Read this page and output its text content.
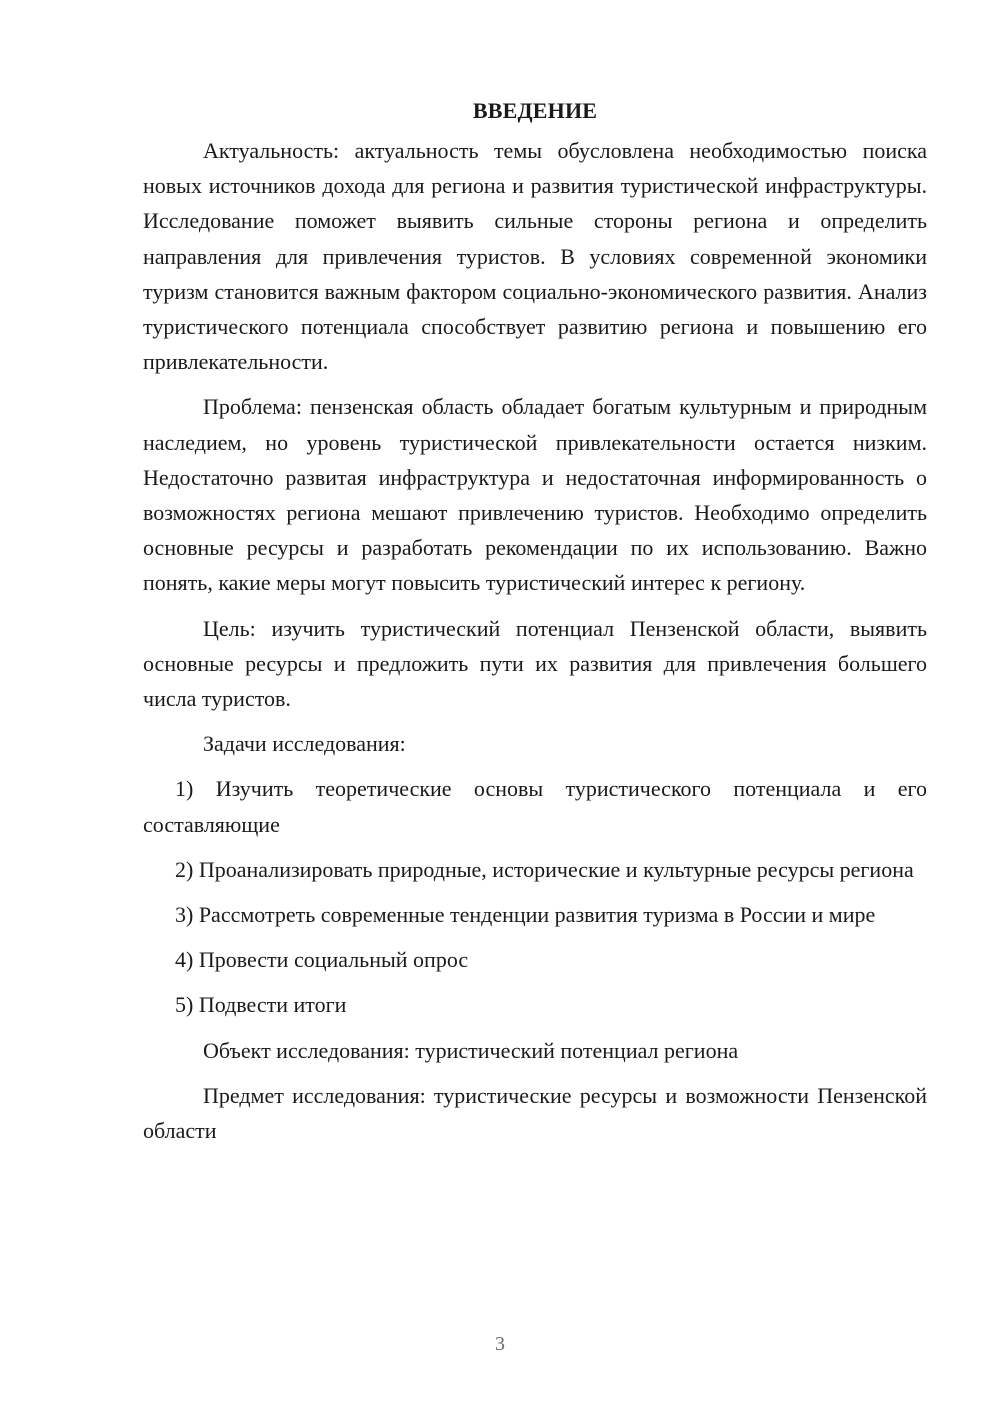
ВВЕДЕНИЕ

Актуальность: актуальность темы обусловлена необходимостью поиска новых источников дохода для региона и развития туристической инфраструктуры. Исследование поможет выявить сильные стороны региона и определить направления для привлечения туристов. В условиях современной экономики туризм становится важным фактором социально-экономического развития. Анализ туристического потенциала способствует развитию региона и повышению его привлекательности.

Проблема: пензенская область обладает богатым культурным и природным наследием, но уровень туристической привлекательности остается низким. Недостаточно развитая инфраструктура и недостаточная информированность о возможностях региона мешают привлечению туристов. Необходимо определить основные ресурсы и разработать рекомендации по их использованию. Важно понять, какие меры могут повысить туристический интерес к региону.

Цель: изучить туристический потенциал Пензенской области, выявить основные ресурсы и предложить пути их развития для привлечения большего числа туристов.

Задачи исследования:

1) Изучить теоретические основы туристического потенциала и его составляющие

2) Проанализировать природные, исторические и культурные ресурсы региона

3) Рассмотреть современные тенденции развития туризма в России и мире

4) Провести социальный опрос

5) Подвести итоги

Объект исследования: туристический потенциал региона

Предмет исследования: туристические ресурсы и возможности Пензенской области

3
